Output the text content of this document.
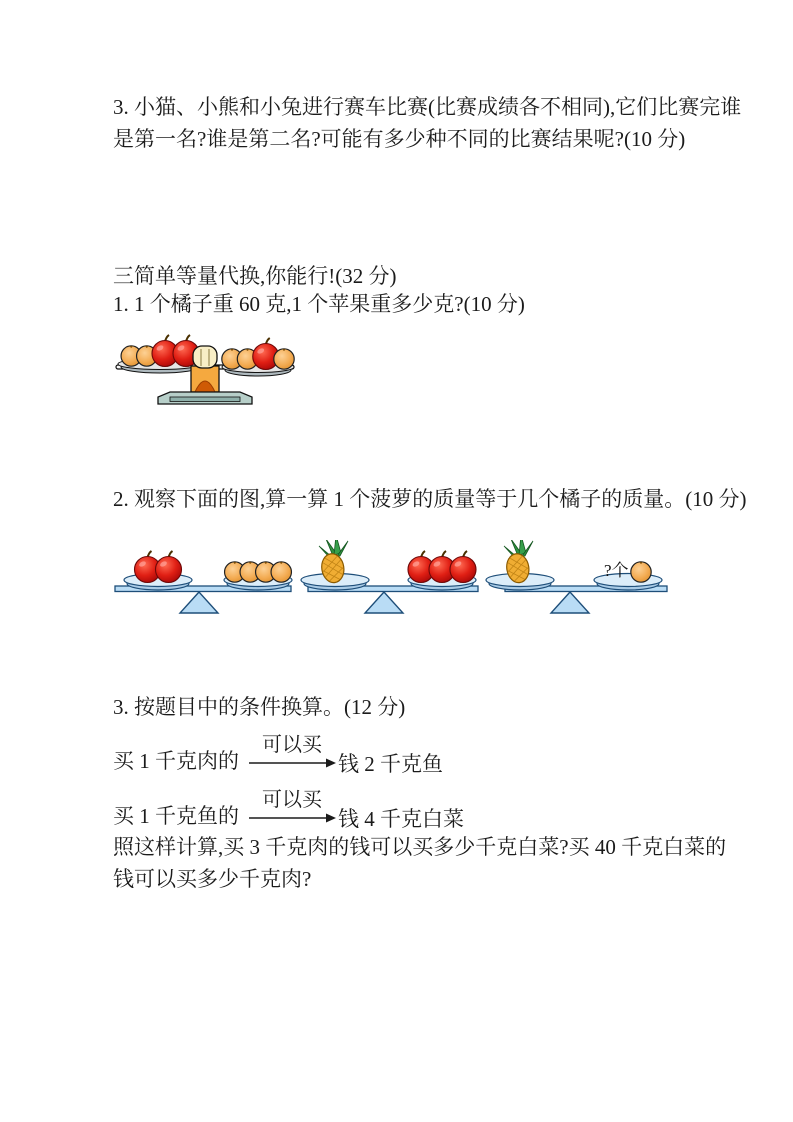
3. 小猫、小熊和小兔进行赛车比赛(比赛成绩各不相同),它们比赛完谁
是第一名?谁是第二名?可能有多少种不同的比赛结果呢?(10 分)
三简单等量代换,你能行!(32 分)
1. 1 个橘子重 60 克,1 个苹果重多少克?(10 分)
2. 观察下面的图,算一算 1 个菠萝的质量等于几个橘子的质量。(10 分)
?个
3. 按题目中的条件换算。(12 分)
买 1 千克肉的
可以买
钱 2 千克鱼
买 1 千克鱼的
可以买
钱 4 千克白菜
照这样计算,买 3 千克肉的钱可以买多少千克白菜?买 40 千克白菜的
钱可以买多少千克肉?
